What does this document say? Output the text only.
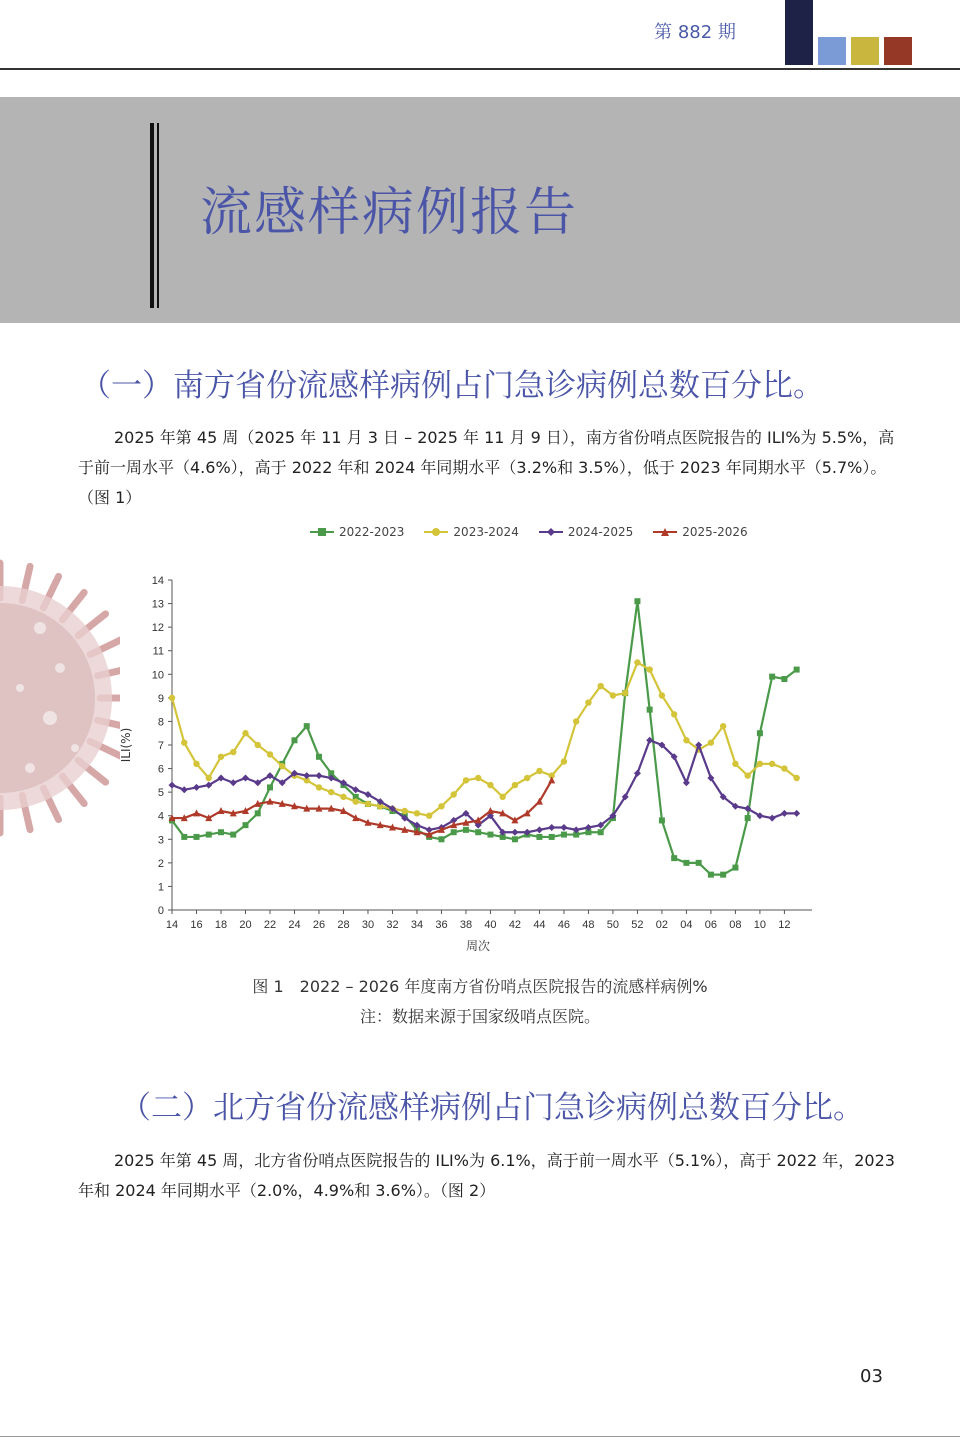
第 882 期
流感样病例报告
（一）南方省份流感样病例占门急诊病例总数百分比。
2025 年第 45 周（2025 年 11 月 3 日 – 2025 年 11 月 9 日），南方省份哨点医院报告的 ILI%为 5.5%，高于前一周水平（4.6%），高于 2022 年和 2024 年同期水平（3.2%和 3.5%），低于 2023 年同期水平（5.7%）。（图 1）
2022-2023	2023-2024	2024-2025	2025-2026
0
1
2
3
4
5
6
7
8
9
10
11
12
13
14
14 16 18 20 22 24 26 28 30 32 34 36 38 40 42 44 46 48 50 52 02 04 06 08 10 12
周次
ILI(%)
图 1　2022 – 2026 年度南方省份哨点医院报告的流感样病例%
注：数据来源于国家级哨点医院。
（二）北方省份流感样病例占门急诊病例总数百分比。
2025 年第 45 周，北方省份哨点医院报告的 ILI%为 6.1%，高于前一周水平（5.1%），高于 2022 年，2023 年和 2024 年同期水平（2.0%，4.9%和 3.6%）。（图 2）
03
